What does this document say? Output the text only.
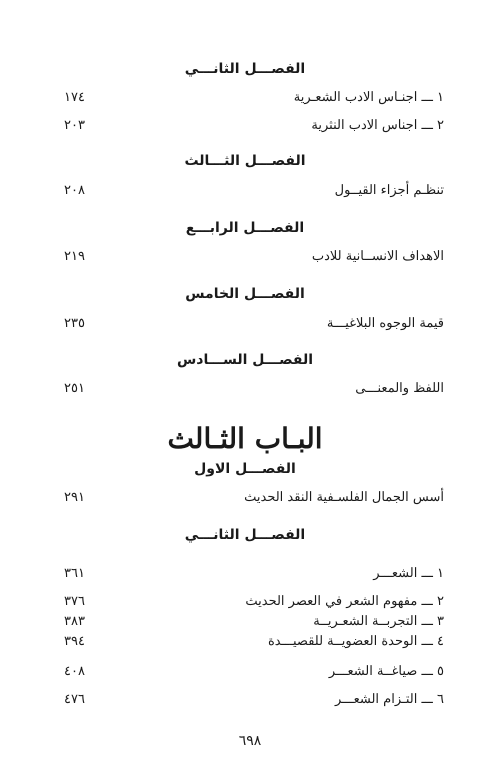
الفصـــل الثانـــي
١ ـــ اجنـاس الادب الشعـرية
١٧٤
٢ ـــ اجناس الادب النثرية
٢٠٣
الفصـــل الثـــالث
تنظـم أجزاء القيــول
٢٠٨
الفصـــل الرابـــع
الاهداف الانســانية للادب
٢١٩
الفصـــل الخامس
قيمة الوجوه البلاغيـــة
٢٣٥
الفصـــل الســـادس
اللفظ والمعنـــى
٢٥١
البـاب الثـالث
الفصـــل الاول
أسس الجمال الفلسـفية النقد الحديث
٢٩١
الفصـــل الثانـــي
١ ـــ الشعـــر
٣٦١
٢ ـــ مفهوم الشعر في العصر الحديث
٣٧٦
٣ ـــ التجربــة الشعـريــة
٣٨٣
٤ ـــ الوحدة العضويــة للقصيـــدة
٣٩٤
٥ ـــ صياغــة الشعـــر
٤٠٨
٦ ـــ التـزام الشعـــر
٤٧٦
٦٩٨
